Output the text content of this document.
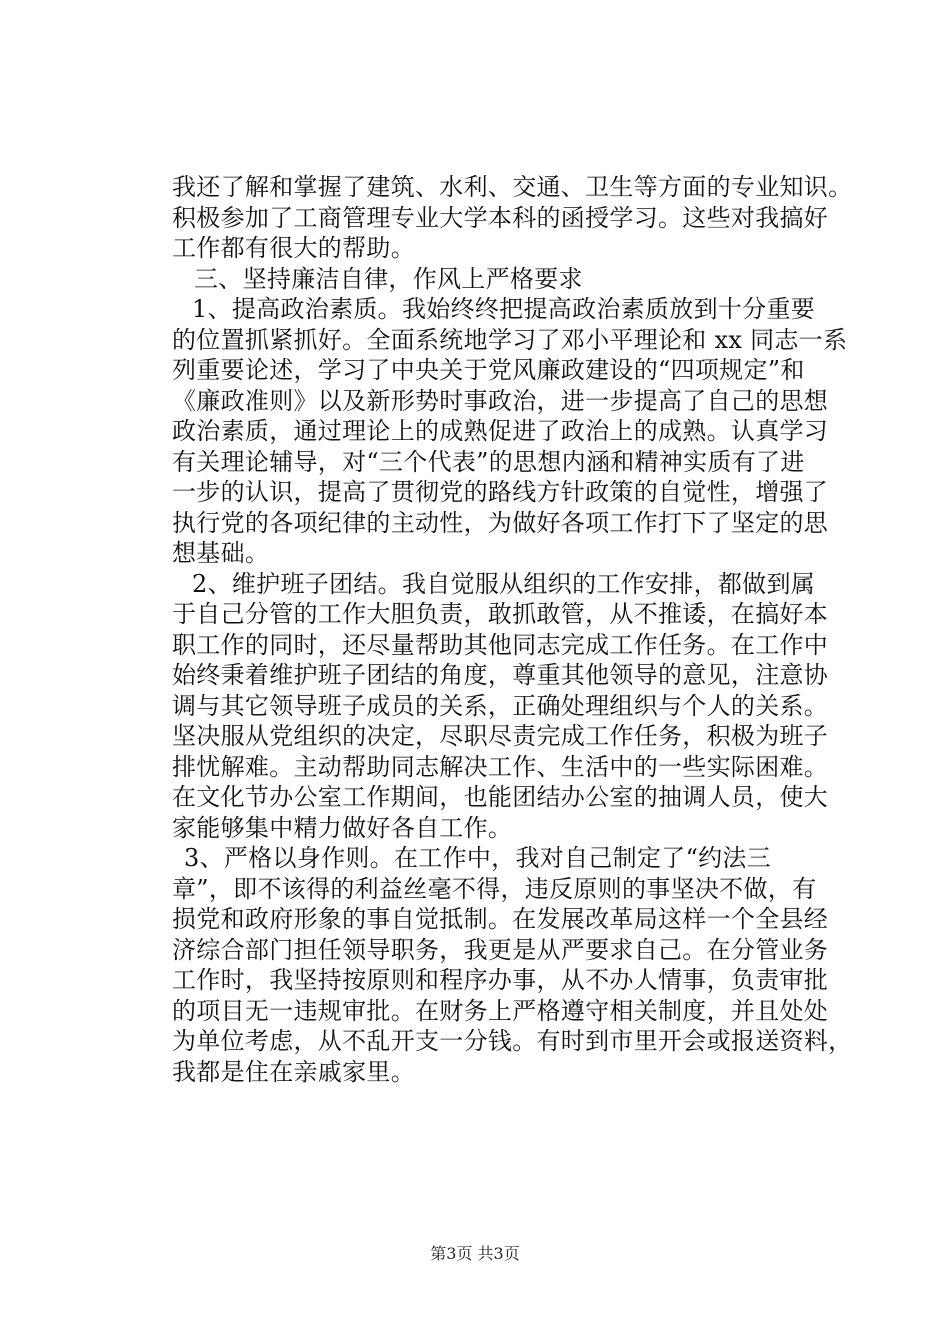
我还了解和掌握了建筑、水利、交通、卫生等方面的专业知识。
积极参加了工商管理专业大学本科的函授学习。这些对我搞好
工作都有很大的帮助。
三、坚持廉洁自律，作风上严格要求
1、提高政治素质。我始终终把提高政治素质放到十分重要
的位置抓紧抓好。全面系统地学习了邓小平理论和 xx 同志一系
列重要论述，学习了中央关于党风廉政建设的“四项规定”和
《廉政准则》以及新形势时事政治，进一步提高了自己的思想
政治素质，通过理论上的成熟促进了政治上的成熟。认真学习
有关理论辅导，对“三个代表”的思想内涵和精神实质有了进
一步的认识，提高了贯彻党的路线方针政策的自觉性，增强了
执行党的各项纪律的主动性，为做好各项工作打下了坚定的思
想基础。
2、维护班子团结。我自觉服从组织的工作安排，都做到属
于自己分管的工作大胆负责，敢抓敢管，从不推诿，在搞好本
职工作的同时，还尽量帮助其他同志完成工作任务。在工作中
始终秉着维护班子团结的角度，尊重其他领导的意见，注意协
调与其它领导班子成员的关系，正确处理组织与个人的关系。
坚决服从党组织的决定，尽职尽责完成工作任务，积极为班子
排忧解难。主动帮助同志解决工作、生活中的一些实际困难。
在文化节办公室工作期间，也能团结办公室的抽调人员，使大
家能够集中精力做好各自工作。
3、严格以身作则。在工作中，我对自己制定了“约法三
章”，即不该得的利益丝毫不得，违反原则的事坚决不做，有
损党和政府形象的事自觉抵制。在发展改革局这样一个全县经
济综合部门担任领导职务，我更是从严要求自己。在分管业务
工作时，我坚持按原则和程序办事，从不办人情事，负责审批
的项目无一违规审批。在财务上严格遵守相关制度，并且处处
为单位考虑，从不乱开支一分钱。有时到市里开会或报送资料，
我都是住在亲戚家里。
第3页 共3页
